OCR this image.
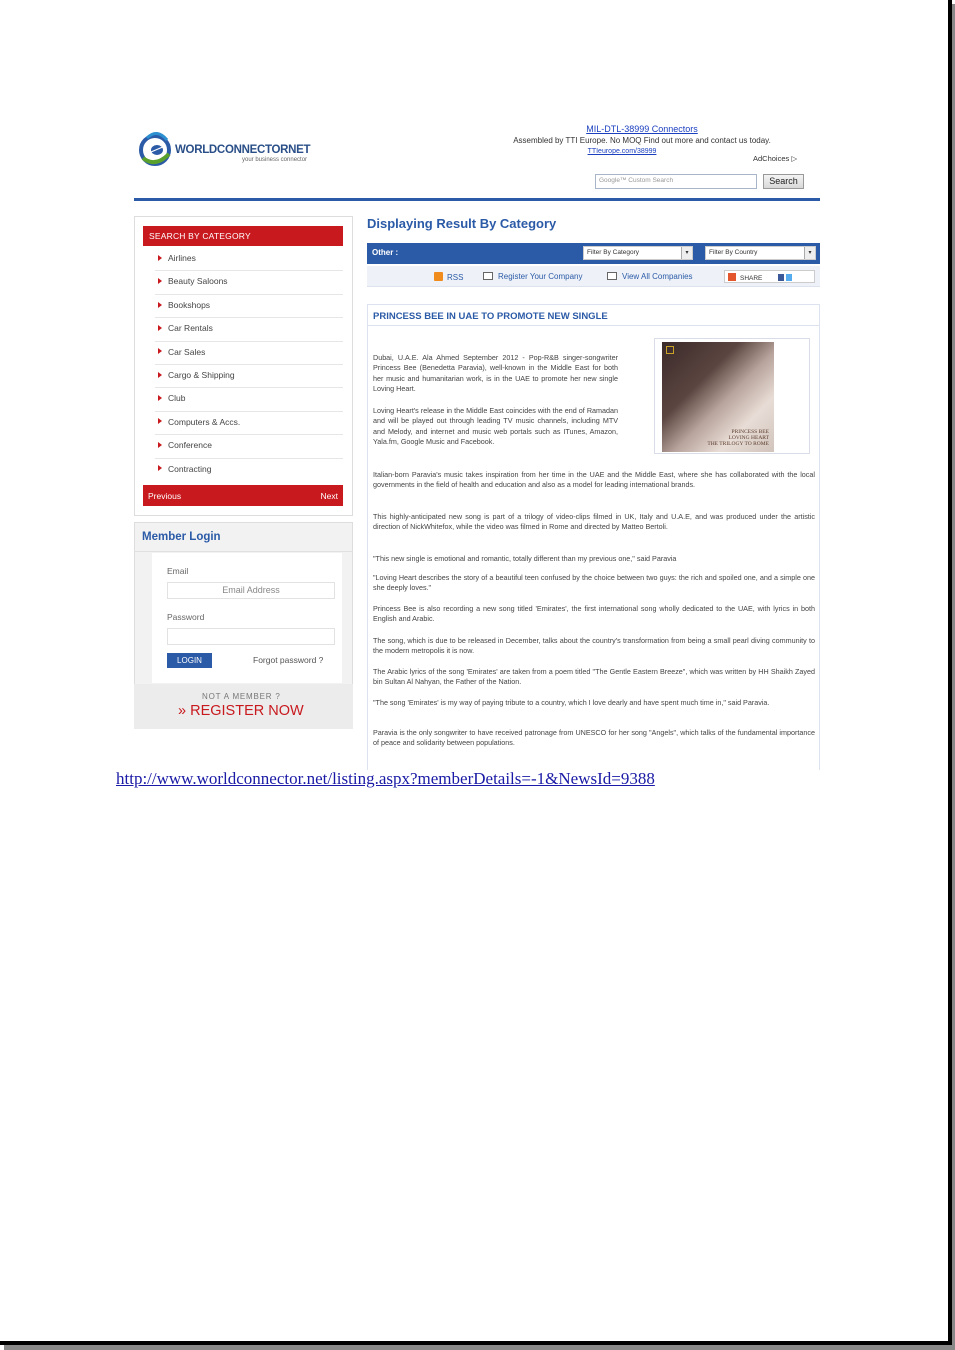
WORLDCONNECTORNET
your business connector
MIL-DTL-38999 Connectors
Assembled by TTI Europe. No MOQ Find out more and contact us today.
TTIeurope.com/38999
AdChoices ▷
Google™ Custom Search	Search
SEARCH BY CATEGORY
Airlines
Beauty Saloons
Bookshops
Car Rentals
Car Sales
Cargo & Shipping
Club
Computers & Accs.
Conference
Contracting
Previous	Next
Member Login
Email
Email Address
Password
LOGIN	Forgot password ?
NOT A MEMBER ?
» REGISTER NOW
Displaying Result By Category
Other :	Filter By Category	▾	Filter By Country	▾
RSS	Register Your Company	View All Companies	SHARE
PRINCESS BEE IN UAE TO PROMOTE NEW SINGLE
PRINCESS BEE
LOVING HEART
THE TRILOGY TO ROME
Dubai, U.A.E. Ala Ahmed September 2012 - Pop-R&B singer-songwriter Princess Bee (Benedetta Paravia), well-known in the Middle East for both her music and humanitarian work, is in the UAE to promote her new single Loving Heart.
Loving Heart's release in the Middle East coincides with the end of Ramadan and will be played out through leading TV music channels, including MTV and Melody, and internet and music web portals such as ITunes, Amazon, Yala.fm, Google Music and Facebook.
Italian-born Paravia's music takes inspiration from her time in the UAE and the Middle East, where she has collaborated with the local governments in the field of health and education and also as a model for leading international brands.
This highly-anticipated new song is part of a trilogy of video-clips filmed in UK, Italy and U.A.E, and was produced under the artistic direction of NickWhitefox, while the video was filmed in Rome and directed by Matteo Bertoli.
"This new single is emotional and romantic, totally different than my previous one," said Paravia
"Loving Heart describes the story of a beautiful teen confused by the choice between two guys: the rich and spoiled one, and a simple one she deeply loves."
Princess Bee is also recording a new song titled 'Emirates', the first international song wholly dedicated to the UAE, with lyrics in both English and Arabic.
The song, which is due to be released in December, talks about the country's transformation from being a small pearl diving community to the modern metropolis it is now.
The Arabic lyrics of the song 'Emirates' are taken from a poem titled "The Gentle Eastern Breeze", which was written by HH Shaikh Zayed bin Sultan Al Nahyan, the Father of the Nation.
"The song 'Emirates' is my way of paying tribute to a country, which I love dearly and have spent much time in," said Paravia.
Paravia is the only songwriter to have received patronage from UNESCO for her song "Angels", which talks of the fundamental importance of peace and solidarity between populations.
http://www.worldconnector.net/listing.aspx?memberDetails=-1&NewsId=9388
